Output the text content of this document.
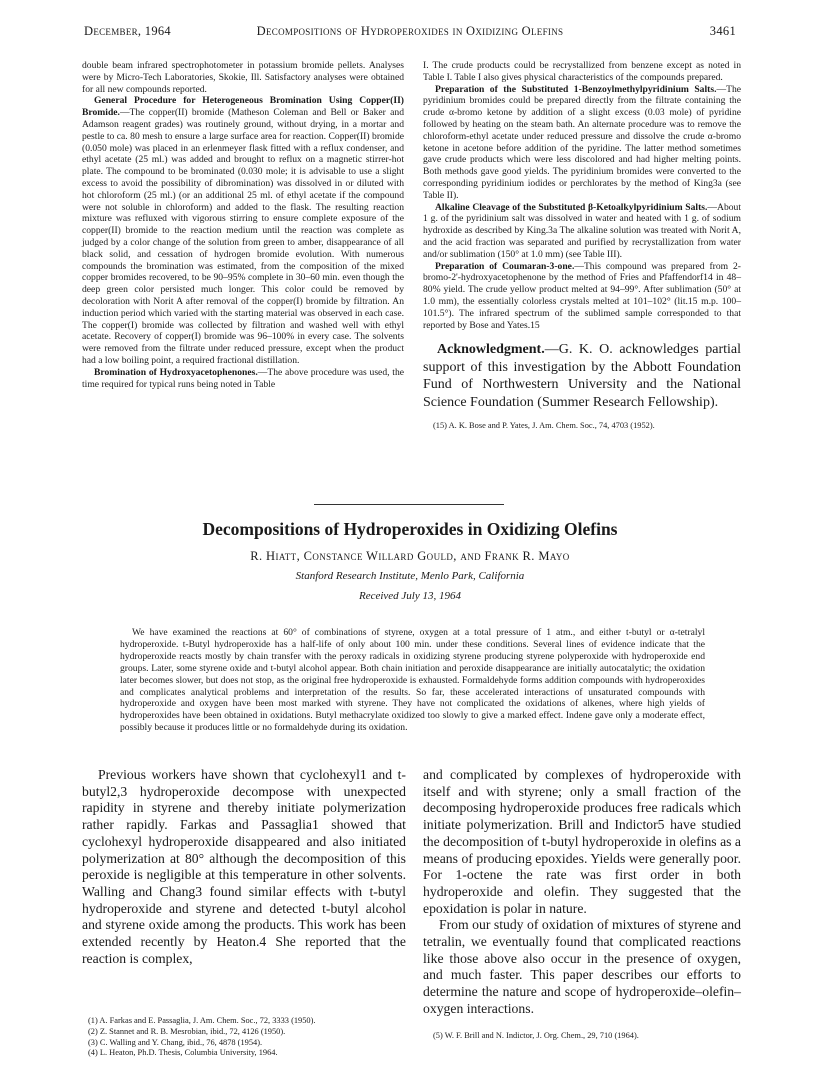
December, 1964	Decompositions of Hydroperoxides in Oxidizing Olefins	3461

double beam infrared spectrophotometer in potassium bromide pellets. Analyses were by Micro-Tech Laboratories, Skokie, Ill. Satisfactory analyses were obtained for all new compounds reported.

General Procedure for Heterogeneous Bromination Using Copper(II) Bromide.—The copper(II) bromide (Matheson Coleman and Bell or Baker and Adamson reagent grades) was routinely ground, without drying, in a mortar and pestle to ca. 80 mesh to ensure a large surface area for reaction. Copper(II) bromide (0.050 mole) was placed in an erlenmeyer flask fitted with a reflux condenser, and ethyl acetate (25 ml.) was added and brought to reflux on a magnetic stirrer-hot plate. The compound to be brominated (0.030 mole; it is advisable to use a slight excess to avoid the possibility of dibromination) was dissolved in or diluted with hot chloroform (25 ml.) (or an additional 25 ml. of ethyl acetate if the compound were not soluble in chloroform) and added to the flask. The resulting reaction mixture was refluxed with vigorous stirring to ensure complete exposure of the copper(II) bromide to the reaction medium until the reaction was complete as judged by a color change of the solution from green to amber, disappearance of all black solid, and cessation of hydrogen bromide evolution. With numerous compounds the bromination was estimated, from the composition of the mixed copper bromides recovered, to be 90–95% complete in 30–60 min. even though the deep green color persisted much longer. This color could be removed by decoloration with Norit A after removal of the copper(I) bromide by filtration. An induction period which varied with the starting material was observed in each case. The copper(I) bromide was collected by filtration and washed well with ethyl acetate. Recovery of copper(I) bromide was 96–100% in every case. The solvents were removed from the filtrate under reduced pressure, except when the product had a low boiling point, a required fractional distillation.

Bromination of Hydroxyacetophenones.—The above procedure was used, the time required for typical runs being noted in Table

I. The crude products could be recrystallized from benzene except as noted in Table I. Table I also gives physical characteristics of the compounds prepared.

Preparation of the Substituted 1-Benzoylmethylpyridinium Salts.—The pyridinium bromides could be prepared directly from the filtrate containing the crude α-bromo ketone by addition of a slight excess (0.03 mole) of pyridine followed by heating on the steam bath. An alternate procedure was to remove the chloroform-ethyl acetate under reduced pressure and dissolve the crude α-bromo ketone in acetone before addition of the pyridine. The latter method sometimes gave crude products which were less discolored and had higher melting points. Both methods gave good yields. The pyridinium bromides were converted to the corresponding pyridinium iodides or perchlorates by the method of King3a (see Table II).

Alkaline Cleavage of the Substituted β-Ketoalkylpyridinium Salts.—About 1 g. of the pyridinium salt was dissolved in water and heated with 1 g. of sodium hydroxide as described by King.3a The alkaline solution was treated with Norit A, and the acid fraction was separated and purified by recrystallization from water and/or sublimation (150° at 1.0 mm) (see Table III).

Preparation of Coumaran-3-one.—This compound was prepared from 2-bromo-2'-hydroxyacetophenone by the method of Fries and Pfaffendorf14 in 48–80% yield. The crude yellow product melted at 94–99°. After sublimation (50° at 1.0 mm), the essentially colorless crystals melted at 101–102° (lit.15 m.p. 100–101.5°). The infrared spectrum of the sublimed sample corresponded to that reported by Bose and Yates.15

Acknowledgment.—G. K. O. acknowledges partial support of this investigation by the Abbott Foundation Fund of Northwestern University and the National Science Foundation (Summer Research Fellowship).

(15) A. K. Bose and P. Yates, J. Am. Chem. Soc., 74, 4703 (1952).

Decompositions of Hydroperoxides in Oxidizing Olefins
R. Hiatt, Constance Willard Gould, and Frank R. Mayo
Stanford Research Institute, Menlo Park, California
Received July 13, 1964

We have examined the reactions at 60° of combinations of styrene, oxygen at a total pressure of 1 atm., and either t-butyl or α-tetralyl hydroperoxide. t-Butyl hydroperoxide has a half-life of only about 100 min. under these conditions. Several lines of evidence indicate that the hydroperoxide reacts mostly by chain transfer with the peroxy radicals in oxidizing styrene producing styrene polyperoxide with hydroperoxide end groups. Later, some styrene oxide and t-butyl alcohol appear. Both chain initiation and peroxide disappearance are initially autocatalytic; the oxidation later becomes slower, but does not stop, as the original free hydroperoxide is exhausted. Formaldehyde forms addition compounds with hydroperoxides and complicates analytical problems and interpretation of the results. So far, these accelerated interactions of unsaturated compounds with hydroperoxide and oxygen have been most marked with styrene. They have not complicated the oxidations of alkenes, where high yields of hydroperoxides have been obtained in oxidations. Butyl methacrylate oxidized too slowly to give a marked effect. Indene gave only a moderate effect, possibly because it produces little or no formaldehyde during its oxidation.

Previous workers have shown that cyclohexyl1 and t-butyl2,3 hydroperoxide decompose with unexpected rapidity in styrene and thereby initiate polymerization rather rapidly. Farkas and Passaglia1 showed that cyclohexyl hydroperoxide disappeared and also initiated polymerization at 80° although the decomposition of this peroxide is negligible at this temperature in other solvents. Walling and Chang3 found similar effects with t-butyl hydroperoxide and styrene and detected t-butyl alcohol and styrene oxide among the products. This work has been extended recently by Heaton.4 She reported that the reaction is complex,

and complicated by complexes of hydroperoxide with itself and with styrene; only a small fraction of the decomposing hydroperoxide produces free radicals which initiate polymerization. Brill and Indictor5 have studied the decomposition of t-butyl hydroperoxide in olefins as a means of producing epoxides. Yields were generally poor. For 1-octene the rate was first order in both hydroperoxide and olefin. They suggested that the epoxidation is polar in nature.

From our study of oxidation of mixtures of styrene and tetralin, we eventually found that complicated reactions like those above also occur in the presence of oxygen, and much faster. This paper describes our efforts to determine the nature and scope of hydroperoxide–olefin–oxygen interactions.

(1) A. Farkas and E. Passaglia, J. Am. Chem. Soc., 72, 3333 (1950).

(2) Z. Stannet and R. B. Mesrobian, ibid., 72, 4126 (1950).

(3) C. Walling and Y. Chang, ibid., 76, 4878 (1954).

(4) L. Heaton, Ph.D. Thesis, Columbia University, 1964.

(5) W. F. Brill and N. Indictor, J. Org. Chem., 29, 710 (1964).
